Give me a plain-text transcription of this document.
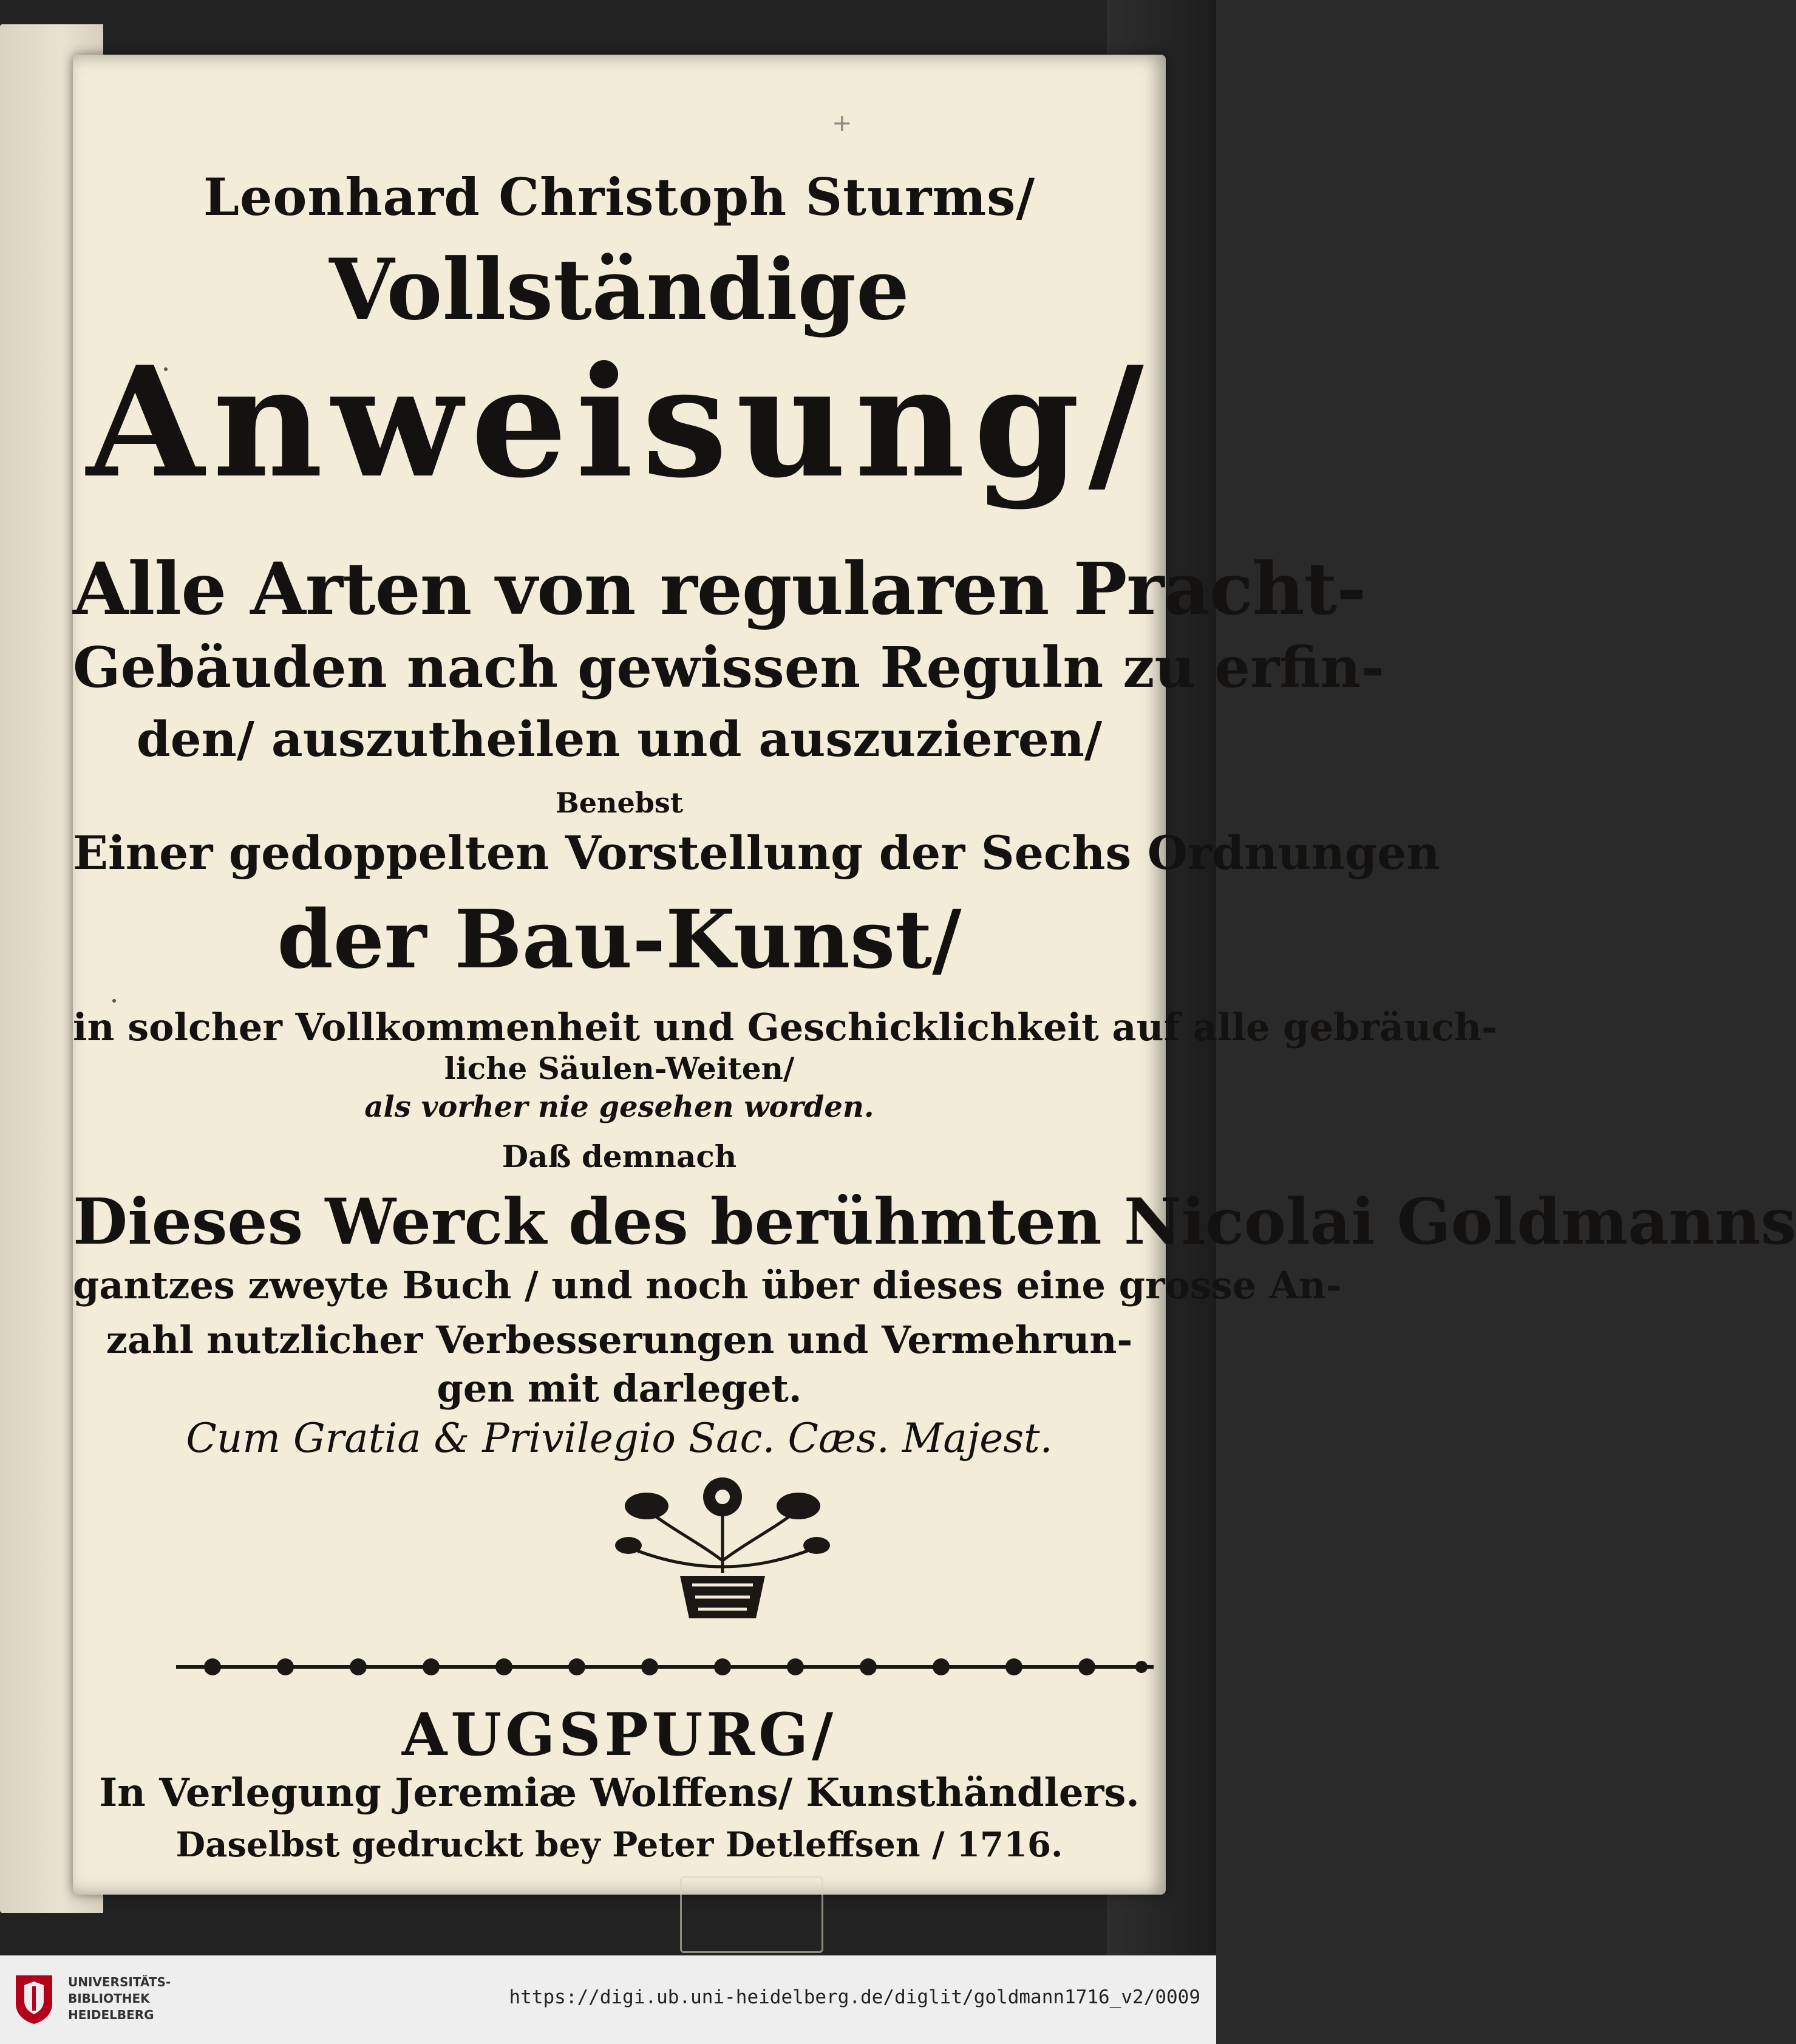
+
Leonhard Christoph Sturms/
Vollständige
Anweisung/
Alle Arten von regularen Pracht-
Gebäuden nach gewissen Reguln zu erfin-
den/ auszutheilen und auszuzieren/
Benebst
Einer gedoppelten Vorstellung der Sechs Ordnungen
der Bau-Kunst/
in solcher Vollkommenheit und Geschicklichkeit auf alle gebräuch-
liche Säulen-Weiten/
als vorher nie gesehen worden.
Daß demnach
Dieses Werck des berühmten Nicolai Goldmanns
gantzes zweyte Buch / und noch über dieses eine grosse An-
zahl nutzlicher Verbesserungen und Vermehrun-
gen mit darleget.
Cum Gratia & Privilegio Sac. Cæs. Majest.
AUGSPURG/
In Verlegung Jeremiæ Wolffens/ Kunsthändlers.
Daselbst gedruckt bey Peter Detleffsen / 1716.

UNIVERSITÄTS-
BIBLIOTHEK
HEIDELBERG
https://digi.ub.uni-heidelberg.de/diglit/goldmann1716_v2/0009
